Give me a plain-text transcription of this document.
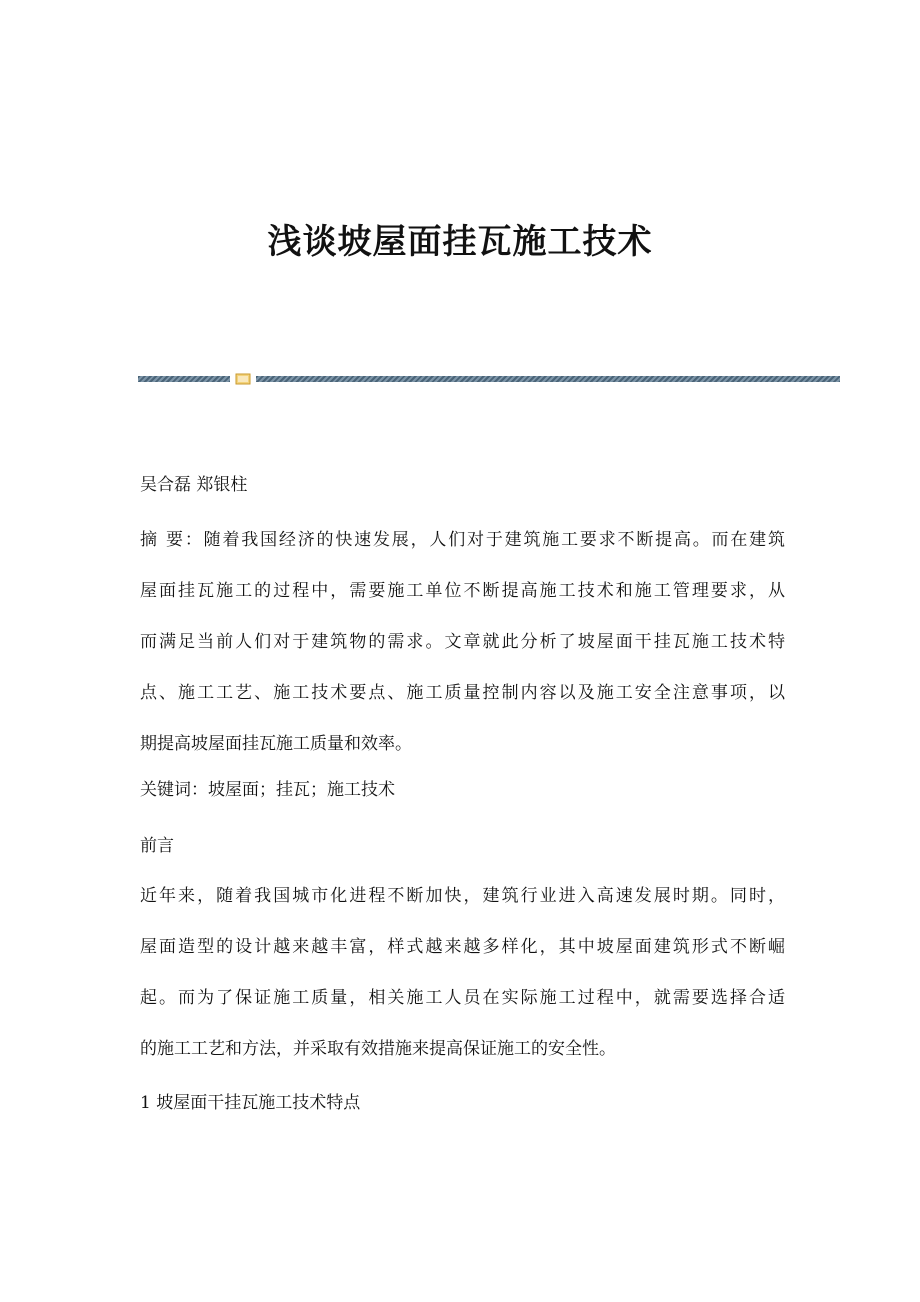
浅谈坡屋面挂瓦施工技术

吴合磊 郑银柱

摘 要：随着我国经济的快速发展，人们对于建筑施工要求不断提高。而在建筑
屋面挂瓦施工的过程中，需要施工单位不断提高施工技术和施工管理要求，从
而满足当前人们对于建筑物的需求。文章就此分析了坡屋面干挂瓦施工技术特
点、施工工艺、施工技术要点、施工质量控制内容以及施工安全注意事项，以
期提高坡屋面挂瓦施工质量和效率。

关键词：坡屋面；挂瓦；施工技术

前言

近年来，随着我国城市化进程不断加快，建筑行业进入高速发展时期。同时，
屋面造型的设计越来越丰富，样式越来越多样化，其中坡屋面建筑形式不断崛
起。而为了保证施工质量，相关施工人员在实际施工过程中，就需要选择合适
的施工工艺和方法，并采取有效措施来提高保证施工的安全性。

1 坡屋面干挂瓦施工技术特点
